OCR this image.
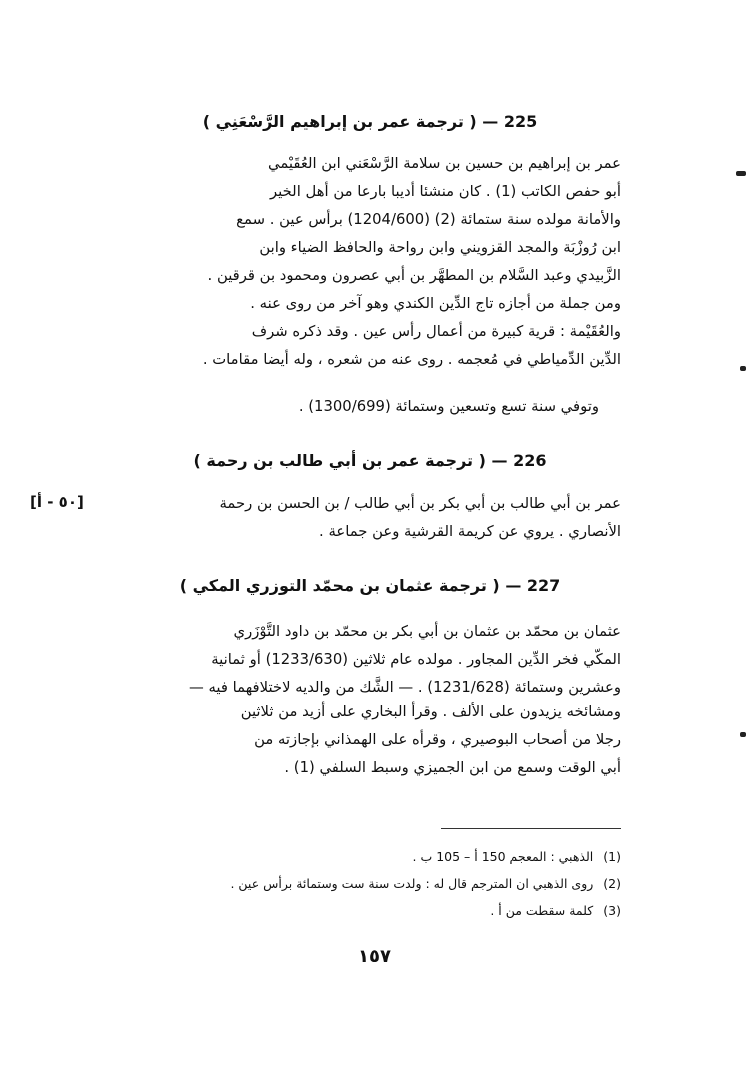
225 — ( ترجمة عمر بن إبراهيم الرَّسْعَنِي )
عمر بن إبراهيم بن حسين بن سلامة الرَّسْعَني ابن العُقَيْمي
أبو حفص الكاتب (1) . كان منشئا أديبا بارعا من أهل الخير
والأمانة مولده سنة ستمائة (2) (1204/600) برأس عين . سمع
ابن رُوزْبَة والمجد القزويني وابن رواحة والحافظ الضياء وابن
الزَّبيدي وعبد السَّلام بن المطهَّر بن أبي عصرون ومحمود بن قرقين .
ومن جملة من أجازه تاج الدِّين الكندي وهو آخر من روى عنه .
والعُقَيْمة : قرية كبيرة من أعمال رأس عين . وقد ذكره شرف
الدِّين الدِّمياطي في مُعجمه . روى عنه من شعره ، وله أيضا مقامات .
وتوفي سنة تسع وتسعين وستمائة (1300/699) .
226 — ( ترجمة عمر بن أبي طالب بن رحمة )
[٥٠ - أ]	عمر بن أبي طالب بن أبي بكر بن أبي طالب / بن الحسن بن رحمة
الأنصاري . يروي عن كريمة القرشية وعن جماعة .
227 — ( ترجمة عثمان بن محمّد التوزري المكي )
عثمان بن محمّد بن عثمان بن أبي بكر بن محمّد بن داود التَّوْزَري
المكّي فخر الدِّين المجاور . مولده عام ثلاثين (1233/630) أو ثمانية
وعشرين وستمائة (1231/628) . — الشَّك من والديه لاختلافهما فيه —
ومشائخه يزيدون على الألف . وقرأ البخاري على أزيد من ثلاثين
رجلا من أصحاب البوصيري ، وقرأه على الهمذاني بإجازته من
أبي الوقت وسمع من ابن الجميزي وسبط السلفي (1) .
(1)الذهبي : المعجم 150 أ – 105 ب .
(2)روى الذهبي ان المترجم قال له : ولدت سنة ست وستمائة برأس عين .
(3)كلمة سقطت من أ .
١٥٧
